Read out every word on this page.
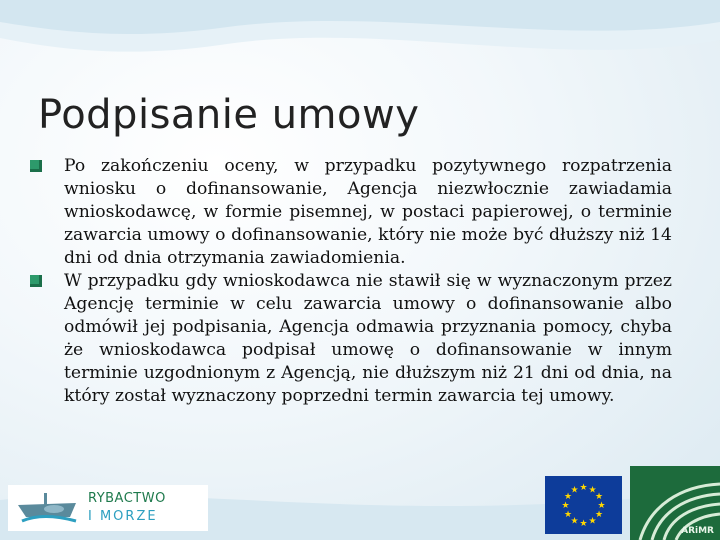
Podpisanie umowy

Po zakończeniu oceny, w przypadku pozytywnego rozpatrzenia wniosku o dofinansowanie, Agencja niezwłocznie zawiadamia wnioskodawcę, w formie pisemnej, w postaci papierowej, o terminie zawarcia umowy o dofinansowanie, który nie może być dłuższy niż 14 dni od dnia otrzymania zawiadomienia.

W przypadku gdy wnioskodawca nie stawił się w wyznaczonym przez Agencję terminie w celu zawarcia umowy o dofinansowanie albo odmówił jej podpisania, Agencja odmawia przyznania pomocy, chyba że wnioskodawca podpisał umowę o dofinansowanie w innym terminie uzgodnionym z Agencją, nie dłuższym niż 21 dni od dnia, na który został wyznaczony poprzedni termin zawarcia tej umowy.

RYBACTWO
I MORZE
★ ★
★
★
★
★
★
★
★
★
★
★
ARiMR
